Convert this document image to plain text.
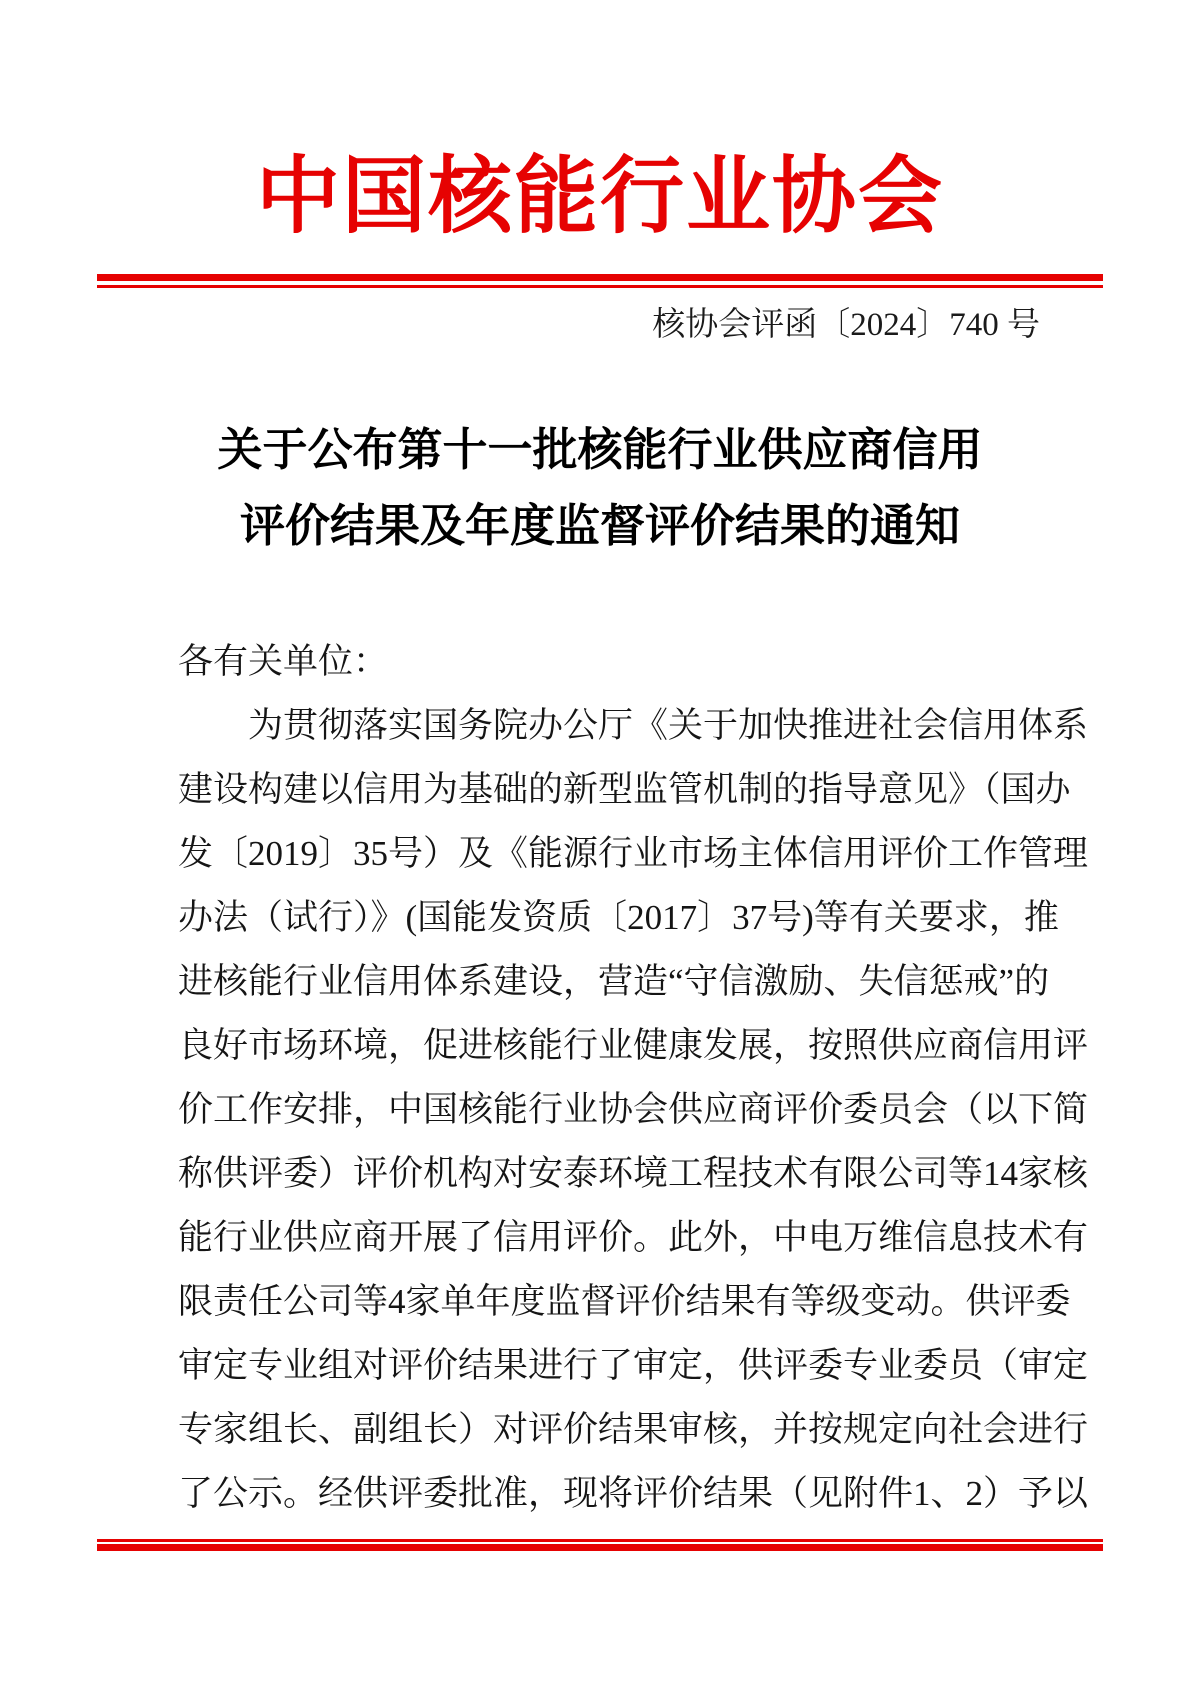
中国核能行业协会
核协会评函〔2024〕740 号
关于公布第十一批核能行业供应商信用
评价结果及年度监督评价结果的通知
各有关单位：
为贯彻落实国务院办公厅《关于加快推进社会信用体系
建设构建以信用为基础的新型监管机制的指导意见》（国办
发〔2019〕35号）及《能源行业市场主体信用评价工作管理
办法（试行）》(国能发资质〔2017〕37号)等有关要求，推
进核能行业信用体系建设，营造“守信激励、失信惩戒”的
良好市场环境，促进核能行业健康发展，按照供应商信用评
价工作安排，中国核能行业协会供应商评价委员会（以下简
称供评委）评价机构对安泰环境工程技术有限公司等14家核
能行业供应商开展了信用评价。此外，中电万维信息技术有
限责任公司等4家单年度监督评价结果有等级变动。供评委
审定专业组对评价结果进行了审定，供评委专业委员（审定
专家组长、副组长）对评价结果审核，并按规定向社会进行
了公示。经供评委批准，现将评价结果（见附件1、2）予以
